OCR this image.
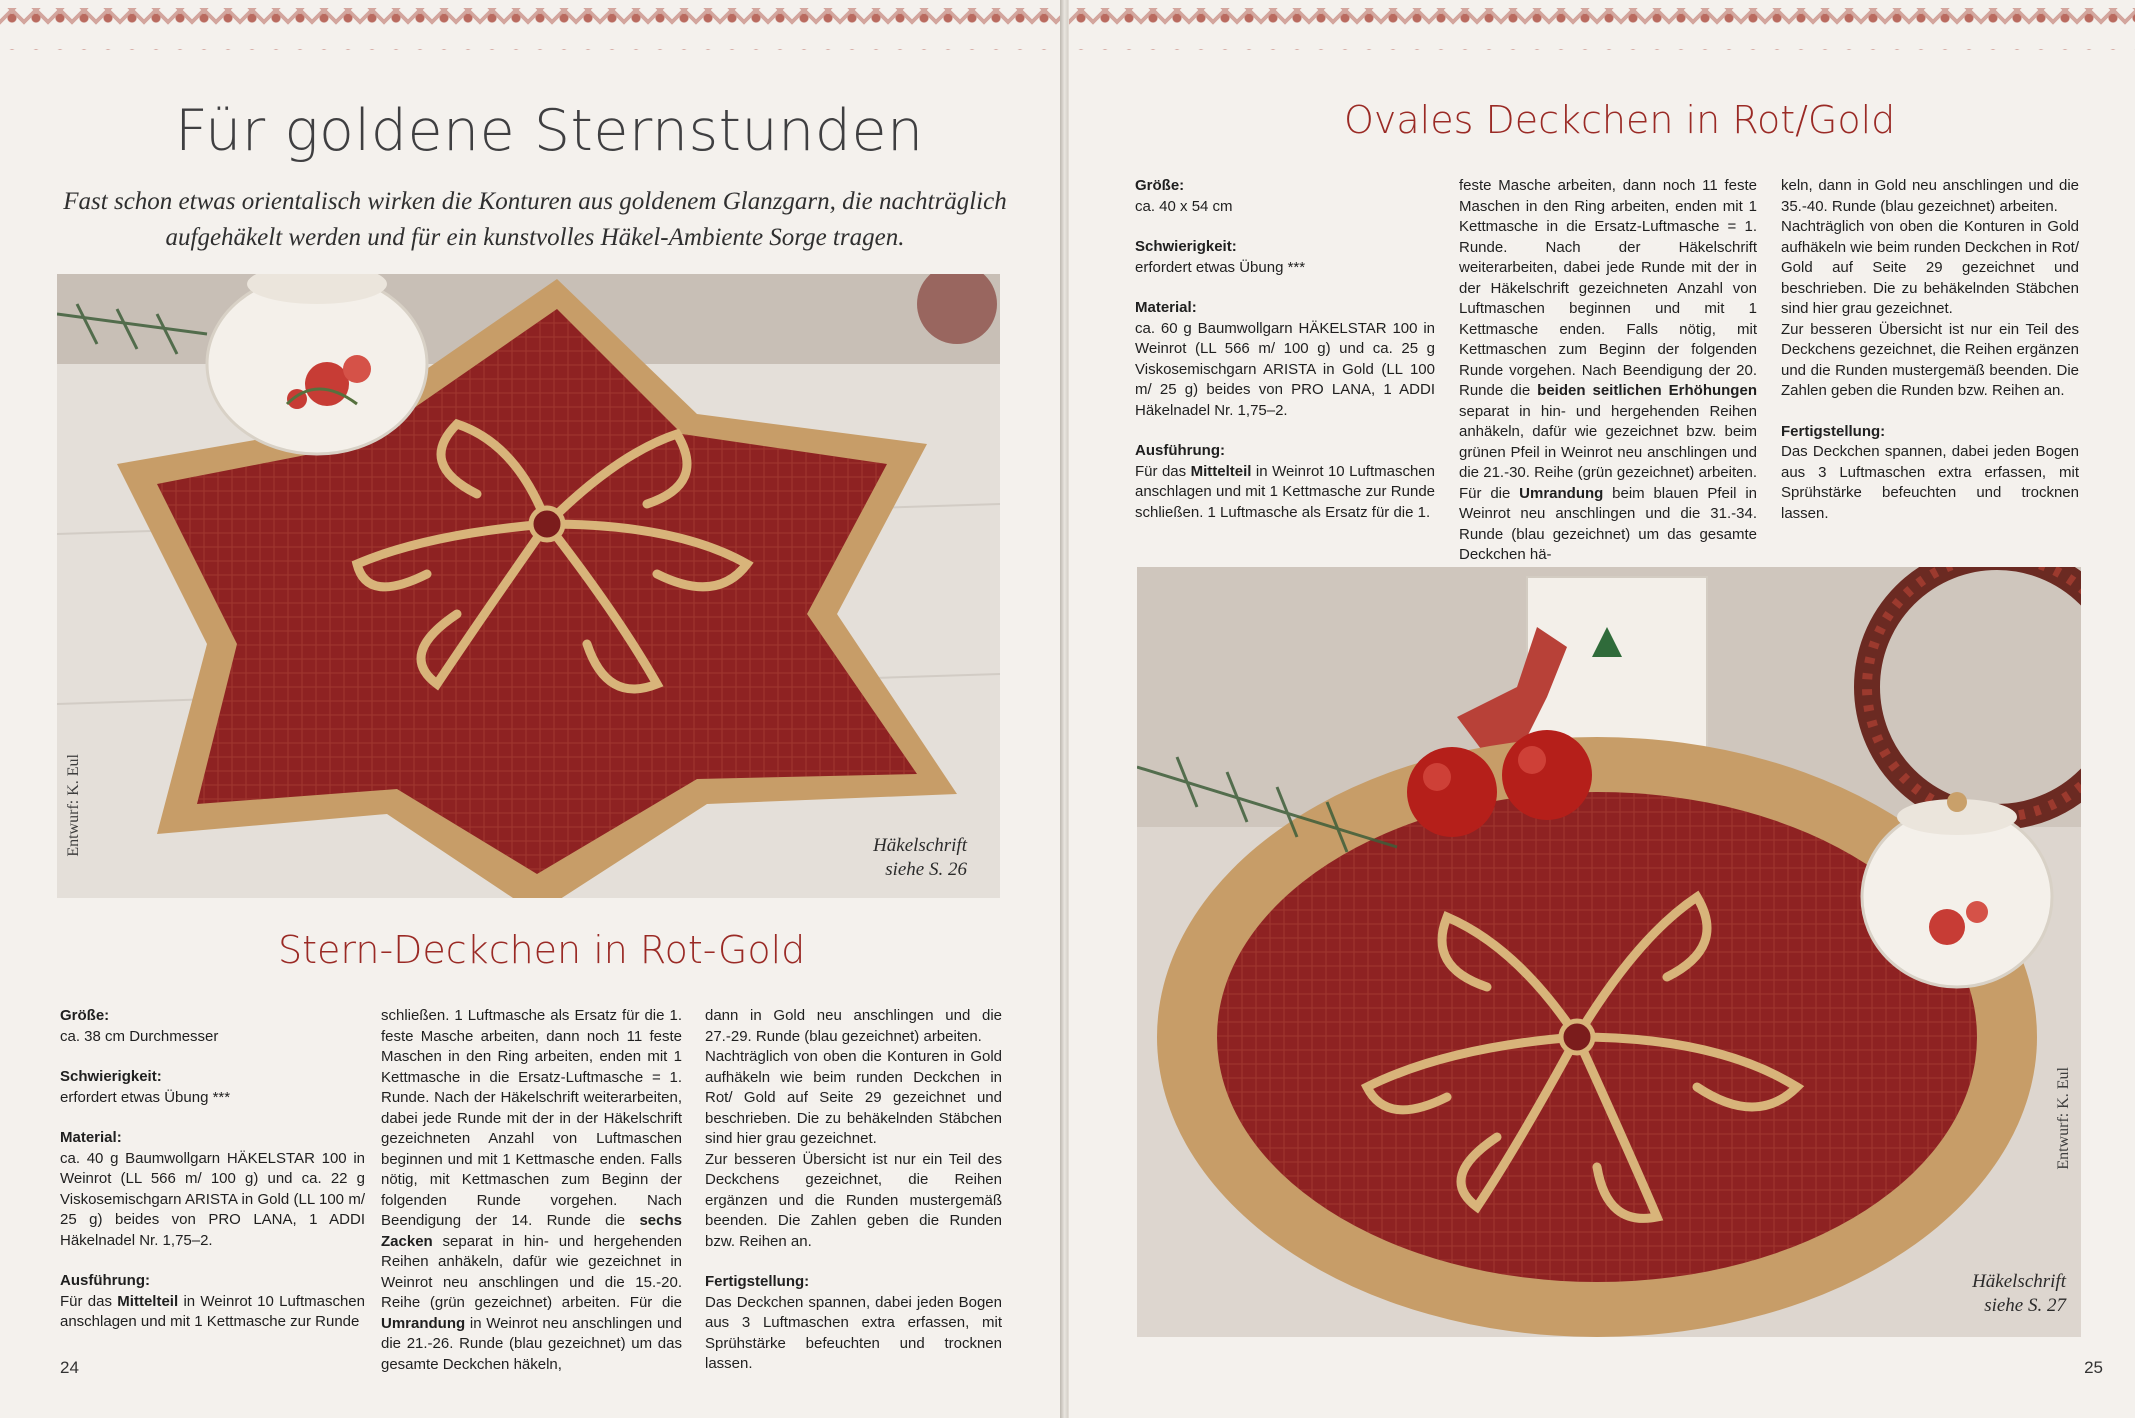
Für goldene Sternstunden
Fast schon etwas orientalisch wirken die Konturen aus goldenem Glanzgarn, die nachträglich aufgehäkelt werden und für ein kunstvolles Häkel-Ambiente Sorge tragen.
Entwurf: K. Eul	Häkelschrift
siehe S. 26
Stern-Deckchen in Rot-Gold
Größe:

ca. 38 cm Durchmesser

Schwierigkeit:

erfordert etwas Übung ***

Material:

ca. 40 g Baumwollgarn HÄKELSTAR 100 in Weinrot (LL 566 m/ 100 g) und ca. 22 g Viskosemischgarn ARISTA in Gold (LL 100 m/ 25 g) beides von PRO LANA, 1 ADDI Häkelnadel Nr. 1,75–2.

Ausführung:

Für das Mittelteil in Weinrot 10 Luftmaschen anschlagen und mit 1 Kettmasche zur Runde

schließen. 1 Luftmasche als Ersatz für die 1. feste Masche arbeiten, dann noch 11 feste Maschen in den Ring arbeiten, enden mit 1 Kettmasche in die Ersatz-Luftmasche = 1. Runde. Nach der Häkelschrift weiterarbeiten, dabei jede Runde mit der in der Häkelschrift gezeichneten Anzahl von Luftmaschen beginnen und mit 1 Kettmasche enden. Falls nötig, mit Kettmaschen zum Beginn der folgenden Runde vorgehen. Nach Beendigung der 14. Runde die sechs Zacken separat in hin- und hergehenden Reihen anhäkeln, dafür wie gezeichnet in Weinrot neu anschlingen und die 15.-20. Reihe (grün gezeichnet) arbeiten. Für die Umrandung in Weinrot neu anschlingen und die 21.-26. Runde (blau gezeichnet) um das gesamte Deckchen häkeln,

dann in Gold neu anschlingen und die 27.-29. Runde (blau gezeichnet) arbeiten.

Nachträglich von oben die Konturen in Gold aufhäkeln wie beim runden Deckchen in Rot/ Gold auf Seite 29 gezeichnet und beschrieben. Die zu behäkelnden Stäbchen sind hier grau gezeichnet.

Zur besseren Übersicht ist nur ein Teil des Deckchens gezeichnet, die Reihen ergänzen und die Runden mustergemäß beenden. Die Zahlen geben die Runden bzw. Reihen an.

Fertigstellung:

Das Deckchen spannen, dabei jeden Bogen aus 3 Luftmaschen extra erfassen, mit Sprühstärke befeuchten und trocknen lassen.

24
Ovales Deckchen in Rot/Gold
Größe:

ca. 40 x 54 cm

Schwierigkeit:

erfordert etwas Übung ***

Material:

ca. 60 g Baumwollgarn HÄKELSTAR 100 in Weinrot (LL 566 m/ 100 g) und ca. 25 g Viskosemischgarn ARISTA in Gold (LL 100 m/ 25 g) beides von PRO LANA, 1 ADDI Häkelnadel Nr. 1,75–2.

Ausführung:

Für das Mittelteil in Weinrot 10 Luftmaschen anschlagen und mit 1 Kettmasche zur Runde schließen. 1 Luftmasche als Ersatz für die 1.

feste Masche arbeiten, dann noch 11 feste Maschen in den Ring arbeiten, enden mit 1 Kettmasche in die Ersatz-Luftmasche = 1. Runde. Nach der Häkelschrift weiterarbeiten, dabei jede Runde mit der in der Häkelschrift gezeichneten Anzahl von Luftmaschen beginnen und mit 1 Kettmasche enden. Falls nötig, mit Kettmaschen zum Beginn der folgenden Runde vorgehen. Nach Beendigung der 20. Runde die beiden seitlichen Erhöhungen separat in hin- und hergehenden Reihen anhäkeln, dafür wie gezeichnet bzw. beim grünen Pfeil in Weinrot neu anschlingen und die 21.-30. Reihe (grün gezeichnet) arbeiten. Für die Umrandung beim blauen Pfeil in Weinrot neu anschlingen und die 31.-34. Runde (blau gezeichnet) um das gesamte Deckchen hä-

keln, dann in Gold neu anschlingen und die 35.-40. Runde (blau gezeichnet) arbeiten.

Nachträglich von oben die Konturen in Gold aufhäkeln wie beim runden Deckchen in Rot/ Gold auf Seite 29 gezeichnet und beschrieben. Die zu behäkelnden Stäbchen sind hier grau gezeichnet.

Zur besseren Übersicht ist nur ein Teil des Deckchens gezeichnet, die Reihen ergänzen und die Runden mustergemäß beenden. Die Zahlen geben die Runden bzw. Reihen an.

Fertigstellung:

Das Deckchen spannen, dabei jeden Bogen aus 3 Luftmaschen extra erfassen, mit Sprühstärke befeuchten und trocknen lassen.

Entwurf: K. Eul
Häkelschrift
siehe S. 27
25
